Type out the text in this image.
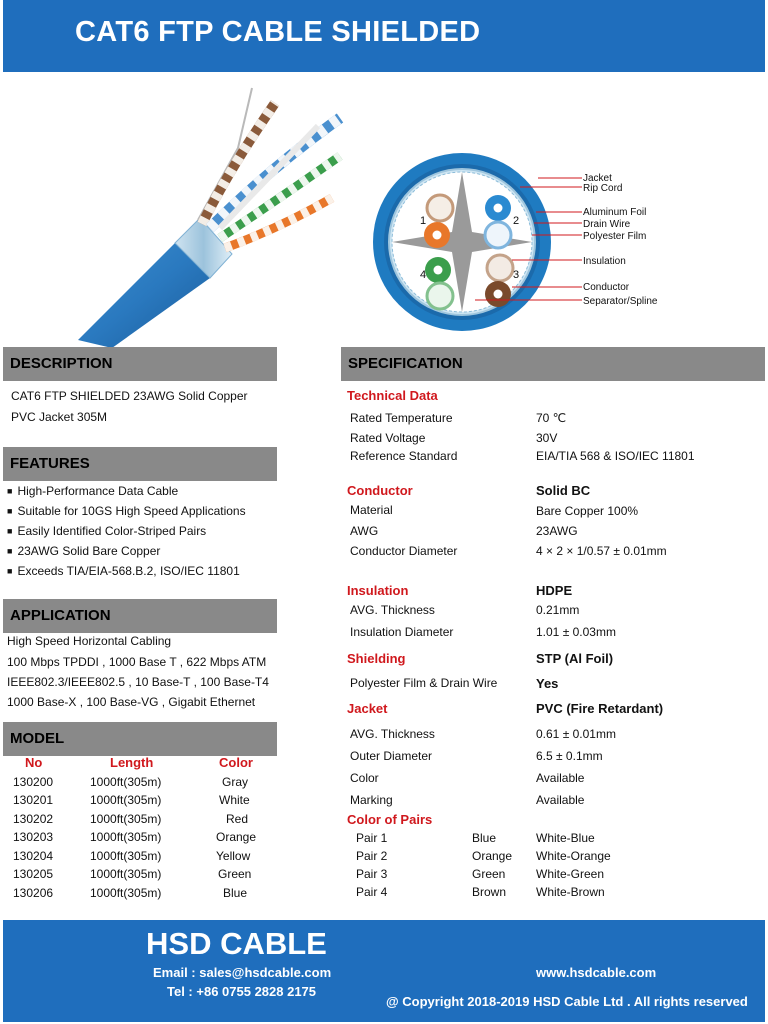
CAT6 FTP CABLE SHIELDED
1	2
3
4
Jacket
Rip Cord
Aluminum Foil
Drain Wire
Polyester Film
Insulation
Conductor
Separator/Spline
DESCRIPTION
CAT6 FTP SHIELDED 23AWG Solid Copper
PVC Jacket 305M
FEATURES
■ High-Performance Data Cable
■ Suitable for 10GS High Speed Applications
■ Easily Identified Color-Striped Pairs
■ 23AWG Solid Bare Copper
■ Exceeds TIA/EIA-568.B.2, ISO/IEC 11801
APPLICATION
High Speed Horizontal Cabling
100 Mbps TPDDI , 1000 Base T , 622 Mbps ATM
IEEE802.3/IEEE802.5 , 10 Base-T , 100 Base-T4
1000 Base-X , 100 Base-VG , Gigabit Ethernet
MODEL
No	Length	Color
130200	1000ft(305m)	Gray
130201	1000ft(305m)	White
130202	1000ft(305m)	Red
130203	1000ft(305m)	Orange
130204	1000ft(305m)	Yellow
130205	1000ft(305m)	Green
130206	1000ft(305m)	Blue
SPECIFICATION
Technical Data
Rated Temperature	70 ℃
Rated Voltage	30V
Reference Standard	EIA/TIA 568 & ISO/IEC 11801
Conductor	Solid BC
Material	Bare Copper 100%
AWG	23AWG
Conductor Diameter	4 × 2 × 1/0.57 ± 0.01mm
Insulation	HDPE
AVG. Thickness	0.21mm
Insulation Diameter	1.01 ± 0.03mm
Shielding	STP (Al Foil)
Polyester Film & Drain Wire	Yes
Jacket	PVC (Fire Retardant)
AVG. Thickness	0.61 ± 0.01mm
Outer Diameter	6.5 ± 0.1mm
Color	Available
Marking	Available
Color of Pairs
Pair 1	Blue	White-Blue
Pair 2	Orange White-Orange
Pair 3	Green	White-Green
Pair 4	Brown White-Brown
HSD CABLE
Email : sales@hsdcable.com
Tel : +86 0755 2828 2175
www.hsdcable.com
@ Copyright 2018-2019 HSD Cable Ltd . All rights reserved
